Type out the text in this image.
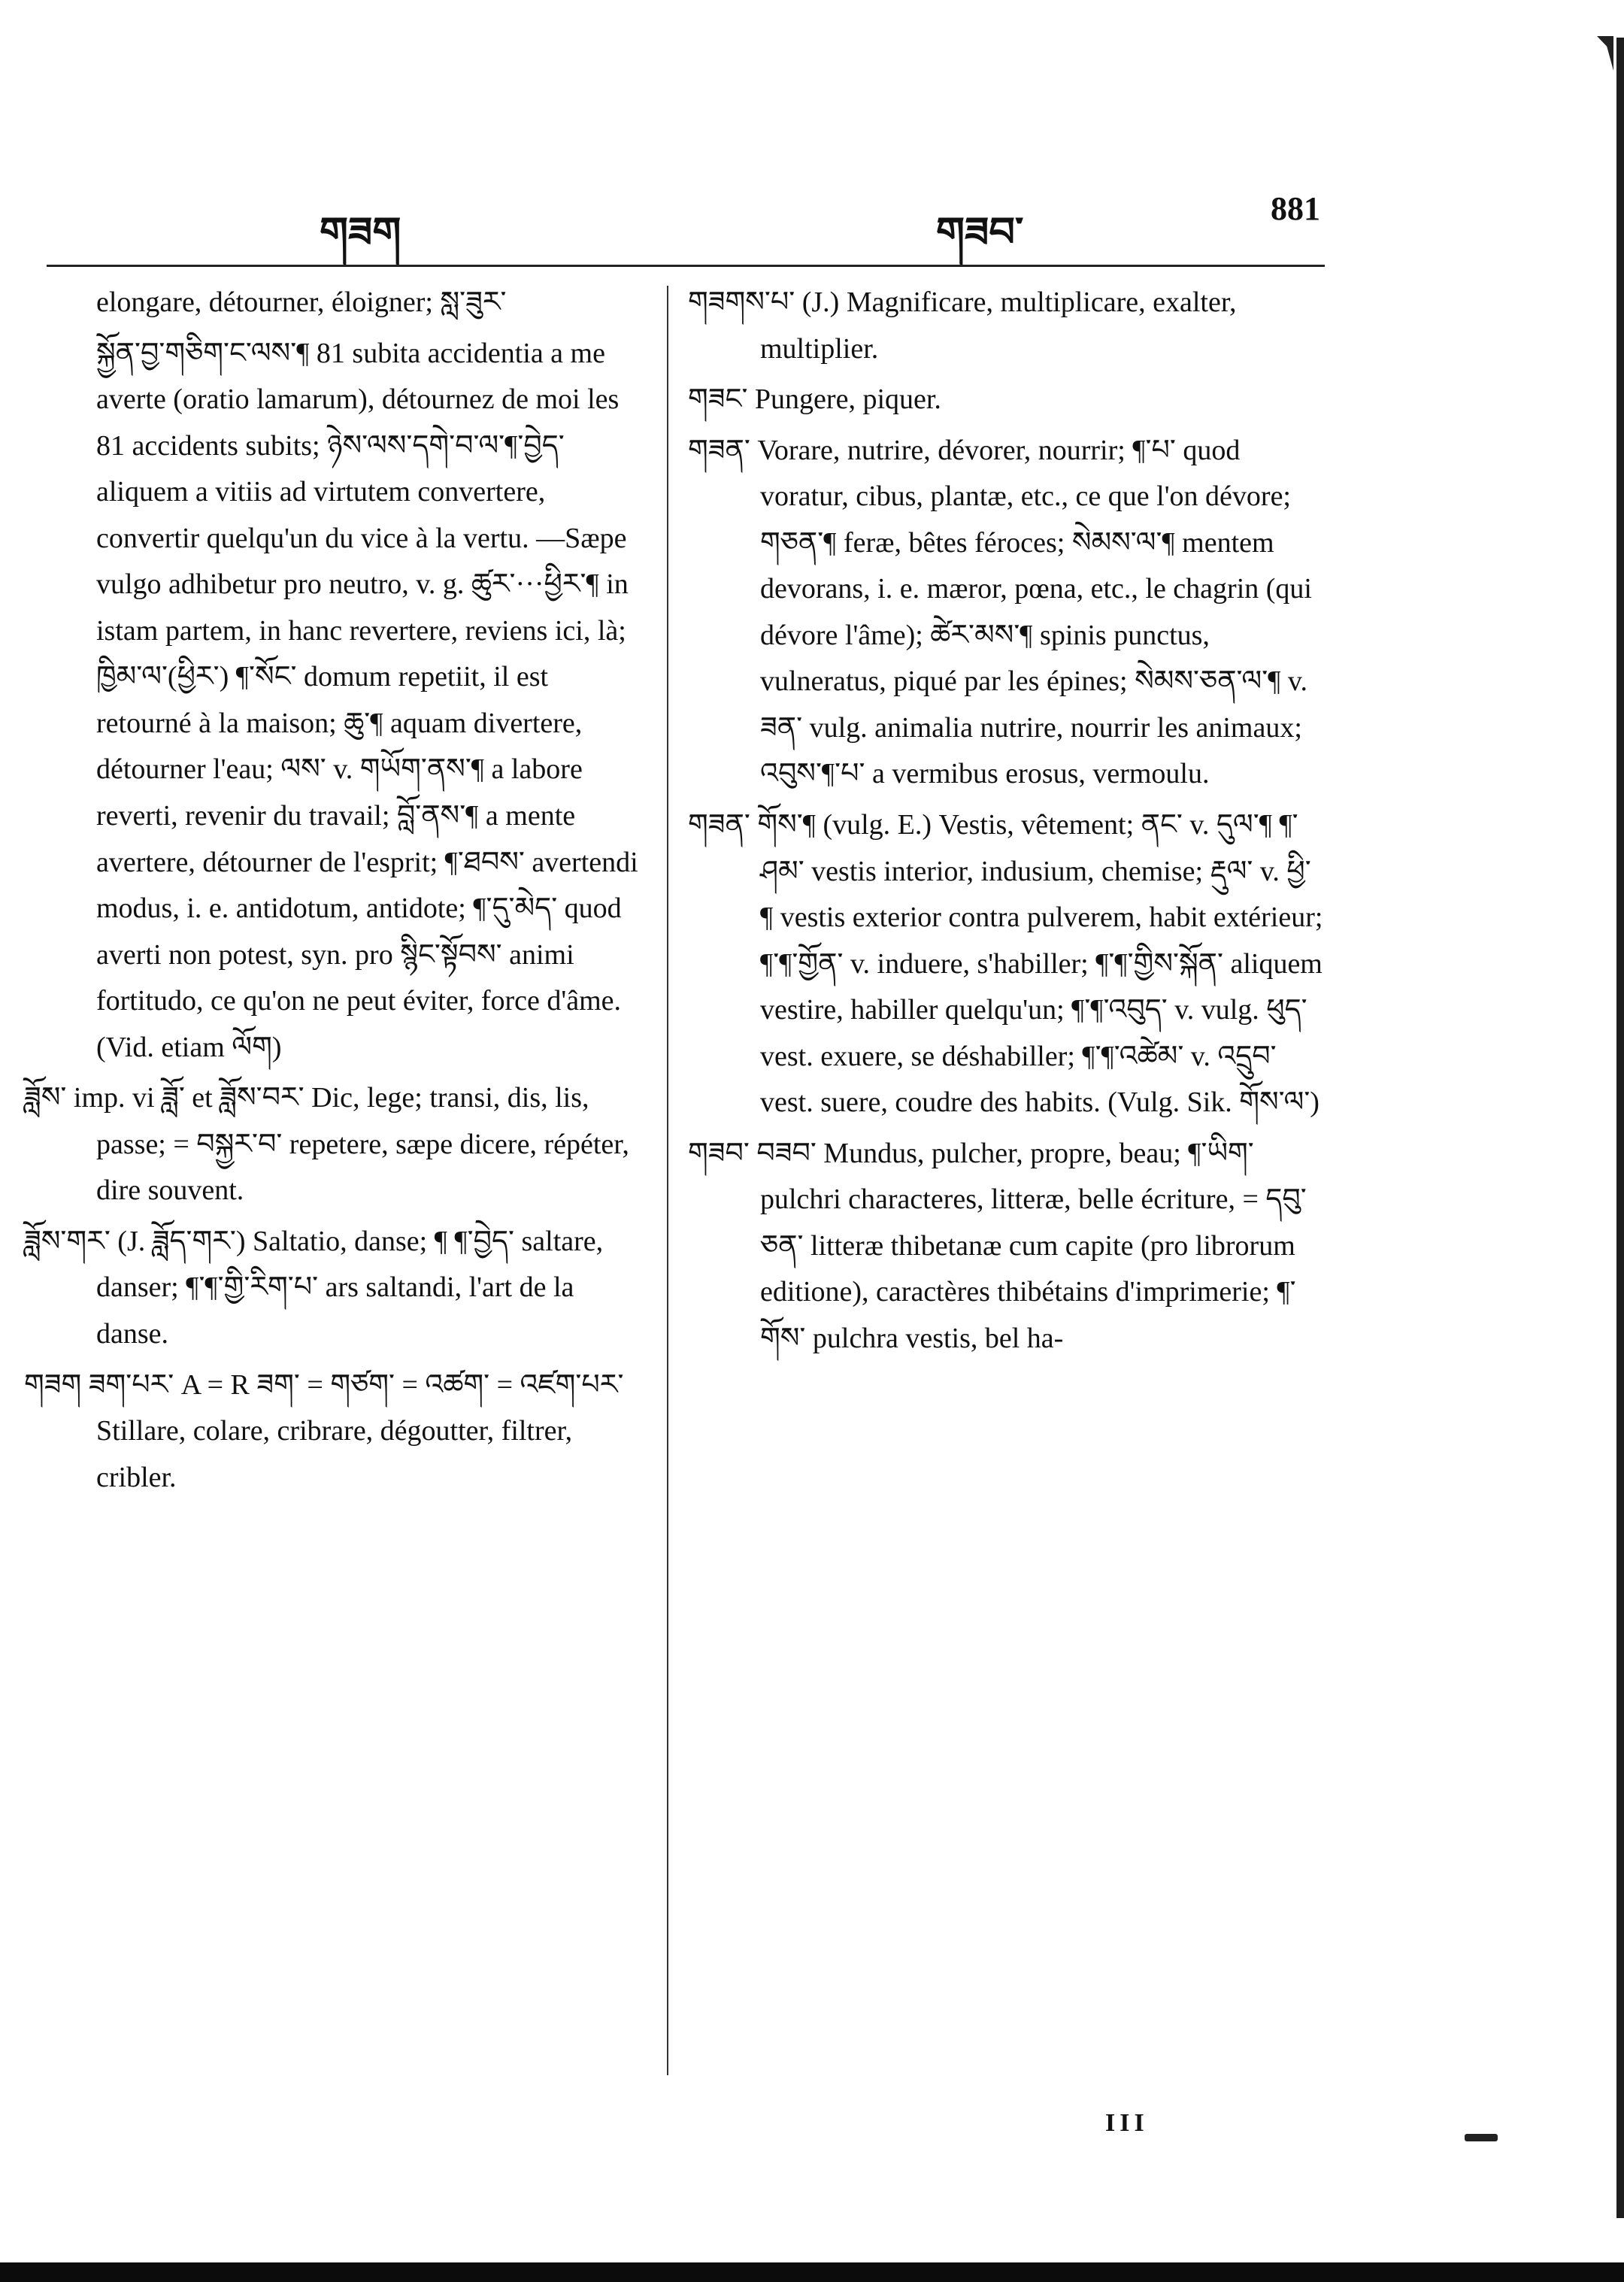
གཟག	གཟབ་	881
elongare, détourner, éloigner; སླ་ཟུར་
སྐྱོན་བྱ་གཅིག་ང་ལས་¶ 81 subita accidentia a me averte (oratio lamarum), détournez de moi les 81 accidents subits; ཉེས་ལས་དགེ་བ་ལ་¶་བྱེད་ aliquem a vitiis ad virtutem convertere, convertir quelqu'un du vice à la vertu. —Sæpe vulgo adhibetur pro neutro, v. g. ཚུར་···ཕྱིར་¶ in istam partem, in hanc revertere, reviens ici, là; ཁྱིམ་ལ་(ཕྱིར་) ¶་སོང་ domum repetiit, il est retourné à la maison; ཆུ་¶ aquam divertere, détourner l'eau; ལས་ v. གཡོག་ནས་¶ a labore reverti, revenir du travail; བློ་ནས་¶ a mente avertere, détourner de l'esprit; ¶་ཐབས་ avertendi modus, i. e. antidotum, antidote; ¶་དུ་མེད་ quod averti non potest, syn. pro སྙིང་སྟོབས་ animi fortitudo, ce qu'on ne peut éviter, force d'âme. (Vid. etiam ལོག)
ཟློས་ imp. vi ཟློ་ et ཟློས་བར་ Dic, lege; transi, dis, lis, passe; = བསྐྱར་བ་ repetere, sæpe dicere, répéter, dire souvent.
ཟློས་གར་ (J. ཟློད་གར་) Saltatio, danse; ¶ ¶་བྱེད་ saltare, danser; ¶་¶་གྱི་རིག་པ་ ars saltandi, l'art de la danse.
གཟག ཟག་པར་ A = R ཟག་ = གཙག་ = འཚག་ = འཛག་པར་ Stillare, colare, cribrare, dégoutter, filtrer, cribler.
གཟགས་པ་ (J.) Magnificare, multiplicare, exalter, multiplier.
གཟང་ Pungere, piquer.
གཟན་ Vorare, nutrire, dévorer, nourrir; ¶་པ་ quod voratur, cibus, plantæ, etc., ce que l'on dévore; གཅན་¶ feræ, bêtes féroces; སེམས་ལ་¶ mentem devorans, i. e. mæror, pœna, etc., le chagrin (qui dévore l'âme); ཚེར་མས་¶ spinis punctus, vulneratus, piqué par les épines; སེམས་ཅན་ལ་¶ v. ཟན་ vulg. animalia nutrire, nourrir les animaux; འབུས་¶་པ་ a vermibus erosus, vermoulu.
གཟན་ གོས་¶ (vulg. E.) Vestis, vêtement; ནང་ v. དུལ་¶ ¶་ཤམ་ vestis interior, indusium, chemise; རྡུལ་ v. ཕྱི་¶ vestis exterior contra pulverem, habit extérieur; ¶་¶་གྱོན་ v. induere, s'habiller; ¶་¶་གྱིས་སྐོན་ aliquem vestire, habiller quelqu'un; ¶་¶་འབུད་ v. vulg. ཕུད་ vest. exuere, se déshabiller; ¶་¶་འཚེམ་ v. འདྲུབ་ vest. suere, coudre des habits. (Vulg. Sik. གོས་ལ་)
གཟབ་ བཟབ་ Mundus, pulcher, propre, beau; ¶་ཡིག་ pulchri characteres, litteræ, belle écriture, = དབུ་ཅན་ litteræ thibetanæ cum capite (pro librorum editione), caractères thibétains d'imprimerie; ¶་གོས་ pulchra vestis, bel ha-
III
